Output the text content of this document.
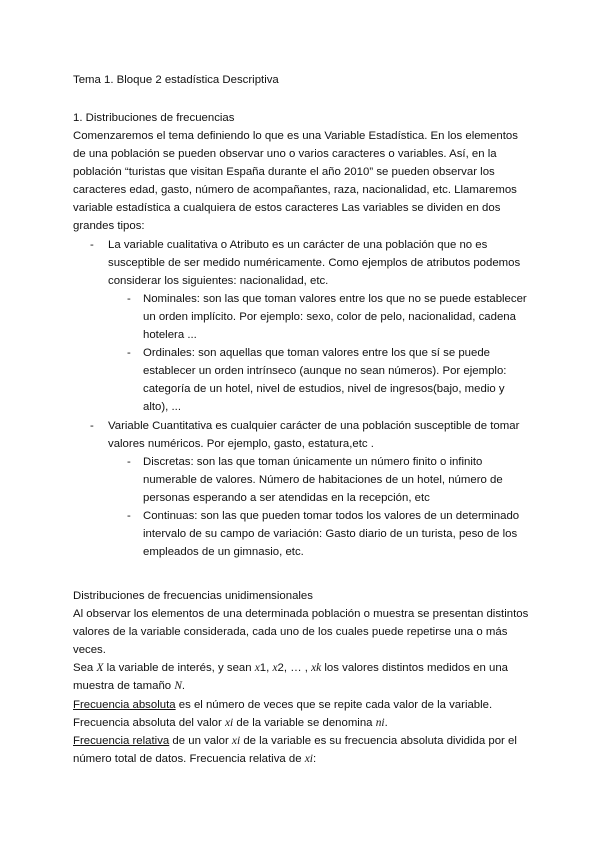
Tema 1. Bloque 2 estadística Descriptiva
1. Distribuciones de frecuencias

Comenzaremos el tema definiendo lo que es una Variable Estadística. En los elementos de una población se pueden observar uno o varios caracteres o variables. Así, en la población “turistas que visitan España durante el año 2010” se pueden observar los caracteres edad, gasto, número de acompañantes, raza, nacionalidad, etc. Llamaremos variable estadística a cualquiera de estos caracteres Las variables se dividen en dos grandes tipos:

- La variable cualitativa o Atributo es un carácter de una población que no es susceptible de ser medido numéricamente. Como ejemplos de atributos podemos considerar los siguientes: nacionalidad, etc.

- Nominales: son las que toman valores entre los que no se puede establecer un orden implícito. Por ejemplo: sexo, color de pelo, nacionalidad, cadena hotelera ...

- Ordinales: son aquellas que toman valores entre los que sí se puede establecer un orden intrínseco (aunque no sean números). Por ejemplo: categoría de un hotel, nivel de estudios, nivel de ingresos(bajo, medio y alto), ...

- Variable Cuantitativa es cualquier carácter de una población susceptible de tomar valores numéricos. Por ejemplo, gasto, estatura,etc .

- Discretas: son las que toman únicamente un número finito o infinito numerable de valores. Número de habitaciones de un hotel, número de personas esperando a ser atendidas en la recepción, etc

- Continuas: son las que pueden tomar todos los valores de un determinado intervalo de su campo de variación: Gasto diario de un turista, peso de los empleados de un gimnasio, etc.

Distribuciones de frecuencias unidimensionales

Al observar los elementos de una determinada población o muestra se presentan distintos valores de la variable considerada, cada uno de los cuales puede repetirse una o más veces.

Sea X la variable de interés, y sean x1, x2, … , xk los valores distintos medidos en una muestra de tamaño N.

Frecuencia absoluta es el número de veces que se repite cada valor de la variable.

Frecuencia absoluta del valor xi de la variable se denomina ni.

Frecuencia relativa de un valor xi de la variable es su frecuencia absoluta dividida por el número total de datos. Frecuencia relativa de xi:
